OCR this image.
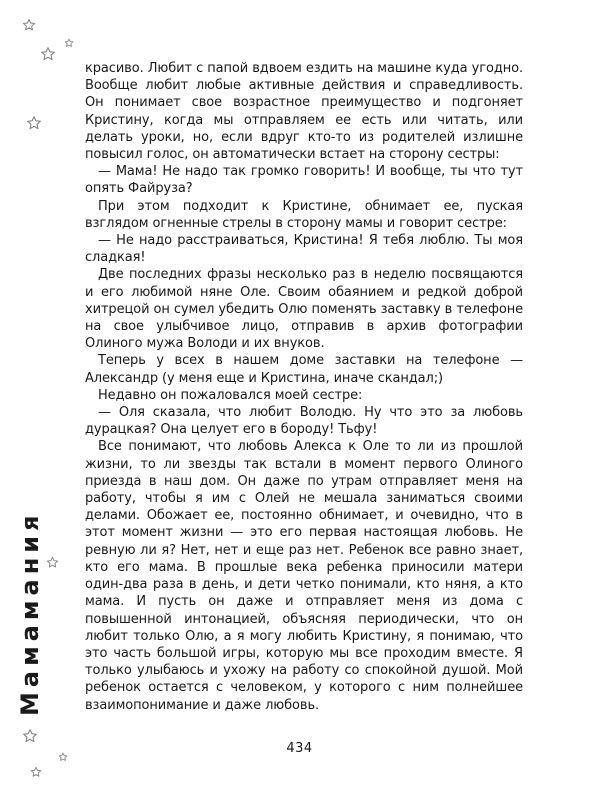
красиво. Любит с папой вдвоем ездить на машине куда угодно. Вообще любит любые активные действия и справедливость. Он понимает свое возрастное преимущество и подгоняет Кристину, когда мы отправляем ее есть или читать, или делать уроки, но, если вдруг кто-то из родителей излишне повысил голос, он автоматически встает на сторону сестры:

— Мама! Не надо так громко говорить! И вообще, ты что тут опять Файруза?

При этом подходит к Кристине, обнимает ее, пуская взглядом огненные стрелы в сторону мамы и говорит сестре:

— Не надо расстраиваться, Кристина! Я тебя люблю. Ты моя сладкая!

Две последних фразы несколько раз в неделю посвящаются и его любимой няне Оле. Своим обаянием и редкой доброй хитрецой он сумел убедить Олю поменять заставку в телефоне на свое улыбчивое лицо, отправив в архив фотографии Олиного мужа Володи и их внуков.

Теперь у всех в нашем доме заставки на телефоне — Александр (у меня еще и Кристина, иначе скандал;)

Недавно он пожаловался моей сестре:

— Оля сказала, что любит Володю. Ну что это за любовь дурацкая? Она целует его в бороду! Тьфу!

Все понимают, что любовь Алекса к Оле то ли из прошлой жизни, то ли звезды так встали в момент первого Олиного приезда в наш дом. Он даже по утрам отправляет меня на работу, чтобы я им с Олей не мешала заниматься своими делами. Обожает ее, постоянно обнимает, и очевидно, что в этот момент жизни — это его первая настоящая любовь. Не ревную ли я? Нет, нет и еще раз нет. Ребенок все равно знает, кто его мама. В прошлые века ребенка приносили матери один-два раза в день, и дети четко понимали, кто няня, а кто мама. И пусть он даже и отправляет меня из дома с повышенной интонацией, объясняя периодически, что он любит только Олю, а я могу любить Кристину, я понимаю, что это часть большой игры, которую мы все проходим вместе. Я только улыбаюсь и ухожу на работу со спокойной душой. Мой ребенок остается с человеком, у которого с ним полнейшее взаимопонимание и даже любовь.

434
Мамамания
